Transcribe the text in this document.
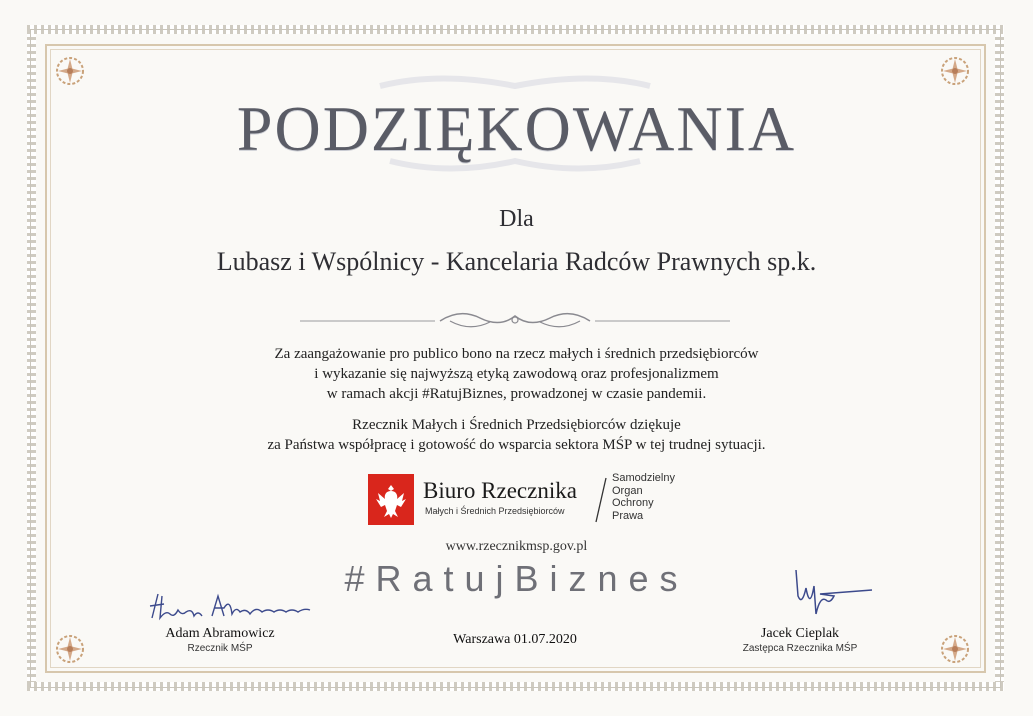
PODZIĘKOWANIA
Dla
Lubasz i Wspólnicy - Kancelaria Radców Prawnych sp.k.
Za zaangażowanie pro publico bono na rzecz małych i średnich przedsiębiorców
i wykazanie się najwyższą etyką zawodową oraz profesjonalizmem
w ramach akcji #RatujBiznes, prowadzonej w czasie pandemii.
Rzecznik Małych i Średnich Przedsiębiorców dziękuje
za Państwa współpracę i gotowość do wsparcia sektora MŚP w tej trudnej sytuacji.
Biuro Rzecznika
Małych i Średnich Przedsiębiorców
Samodzielny
Organ
Ochrony
Prawa
www.rzecznikmsp.gov.pl
#RatujBiznes
Adam Abramowicz
Rzecznik MŚP
Warszawa 01.07.2020	Jacek Cieplak
Zastępca Rzecznika MŚP
